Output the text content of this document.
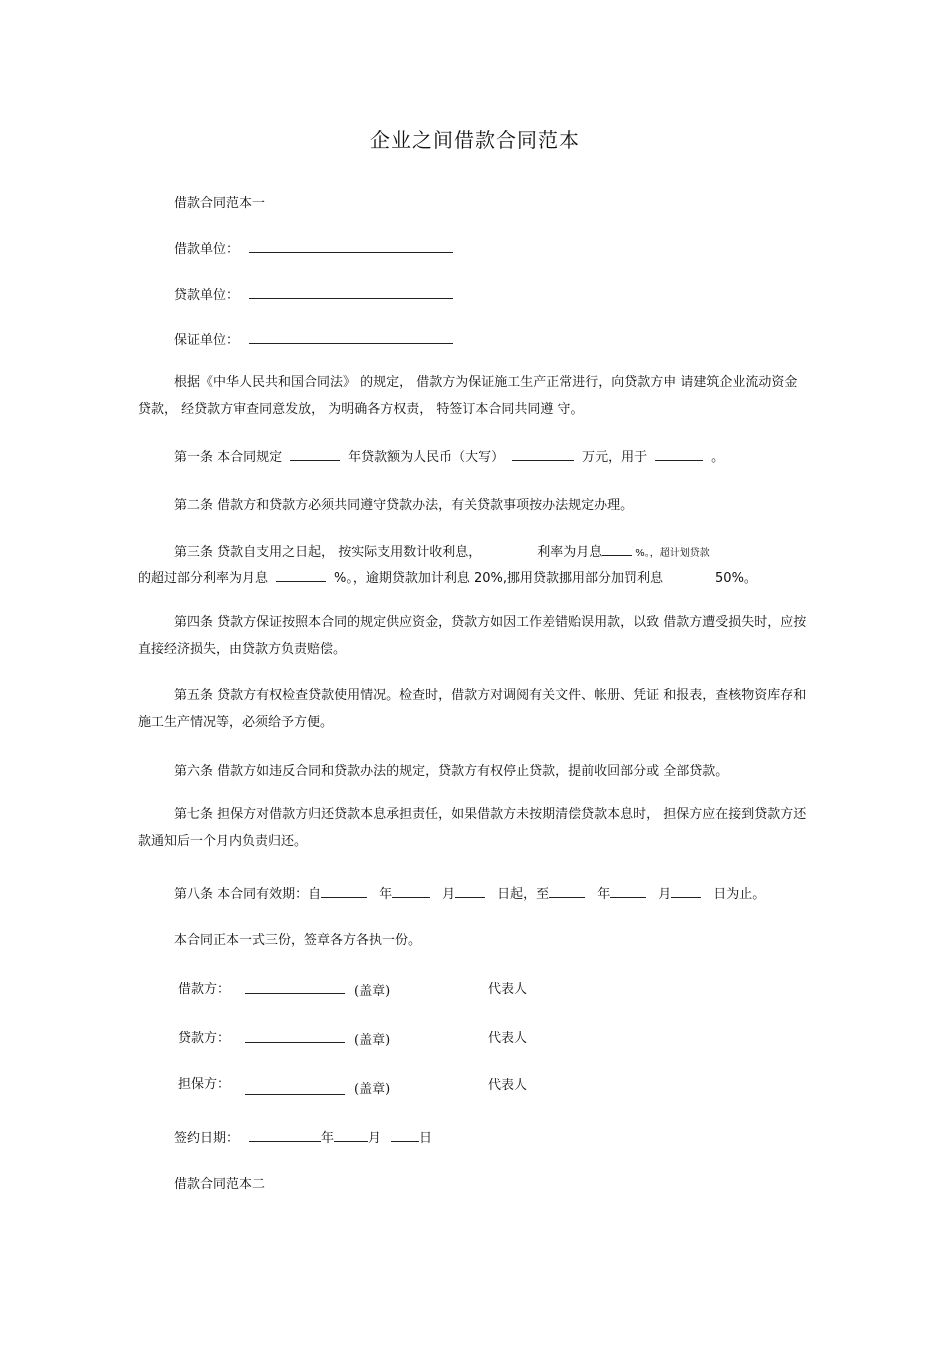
企业之间借款合同范本
借款合同范本一
借款单位：
贷款单位：
保证单位：
根据《中华人民共和国合同法》 的规定， 借款方为保证施工生产正常进行，向贷款方申 请建筑企业流动资金贷款， 经贷款方审查同意发放， 为明确各方权责， 特签订本合同共同遵 守。
第一条 本合同规定	年贷款额为人民币（大写）	万元，用于	。
第二条 借款方和贷款方必须共同遵守贷款办法，有关贷款事项按办法规定办理。
第三条 贷款自支用之日起， 按实际支用数计收利息，	利率为月息	%。，超计划贷款
的超过部分利率为月息	%。，逾期贷款加计利息 20%,挪用贷款挪用部分加罚利息	50%。
第四条 贷款方保证按照本合同的规定供应资金，贷款方如因工作差错贻误用款，以致 借款方遭受损失时，应按直接经济损失，由贷款方负责赔偿。
第五条 贷款方有权检查贷款使用情况。检查时，借款方对调阅有关文件、帐册、凭证 和报表，查核物资库存和施工生产情况等，必须给予方便。
第六条 借款方如违反合同和贷款办法的规定，贷款方有权停止贷款，提前收回部分或 全部贷款。
第七条 担保方对借款方归还贷款本息承担责任，如果借款方未按期清偿贷款本息时， 担保方应在接到贷款方还款通知后一个月内负责归还。
第八条 本合同有效期：自	年	月	日起，至	年	月	日为止。
本合同正本一式三份，签章各方各执一份。
借款方：	(盖章)	代表人
贷款方：	(盖章)	代表人
担保方：	(盖章)	代表人
签约日期：	年	月	日
借款合同范本二
